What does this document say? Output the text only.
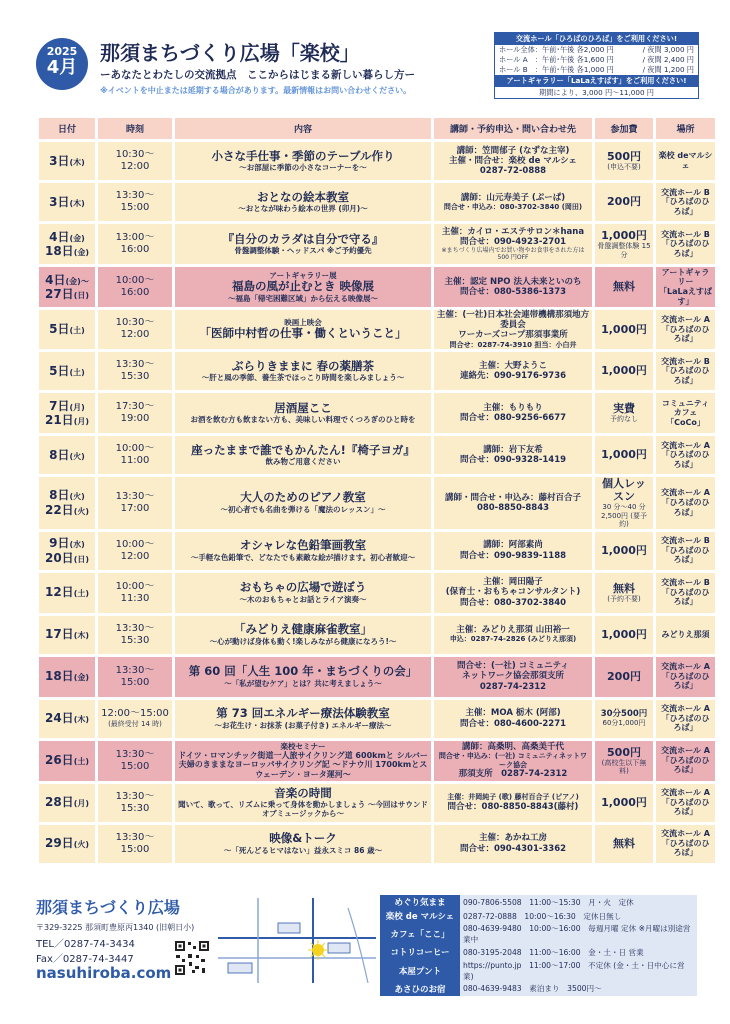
2025
4月
那須まちづくり広場「楽校」
ーあなたとわたしの交流拠点　ここからはじまる新しい暮らし方ー
※イベントを中止または延期する場合があります。最新情報はお問い合わせください。
交流ホール「ひろばのひろば」をご利用ください!
ホール全体：午前･午後 各2,000 円	/ 夜間 3,000 円
ホール A　：午前･午後 各1,600 円	/ 夜間 2,400 円
ホール B　：午前･午後 各1,000 円	/ 夜間 1,200 円
アートギャラリー「LaLaえすぱす」をご利用ください!
期間により、3,000 円～11,000 円
日付	時刻	内容	講師・予約申込・問い合わせ先	参加費	場所

3日(木)	10:30～
12:00	小さな手仕事・季節のテーブル作り
～お部屋に季節の小さなコーナーを～	講師：笠間郁子 (なずな主宰)
主催・問合せ：楽校 de マルシェ
0287-72-0888	500円
(申込不要)	楽校 deマルシェ

3日(木)	13:30～
15:00	おとなの絵本教室
～おとなが味わう絵本の世界 (卯月)～	講師：山元寿美子 (ぷーぱ)
問合せ・申込み：080-3702-3840 (岡田)	200円	交流ホール B
「ひろばのひろば」

4日(金)
18日(金)	13:00～
16:00	『自分のカラダは自分で守る』
骨盤調整体験・ヘッドスパ ※ご予約優先	主催：カイロ・エステサロン＊hana
問合せ：090-4923-2701
※まちづくり広場内でお買い物やお食事をされた方は 500 円OFF	1,000円
骨盤調整体験 15分	交流ホール B
「ひろばのひろば」

4日(金)～
27日(日)	10:00～
16:00	アートギャラリー展
福島の風が止むとき 映像展
～福島「帰宅困難区域」から伝える映像展～	主催：認定 NPO 法人未来といのち
問合せ：080-5386-1373	無料	アートギャラリー
「LaLaえすぱす」

5日(土)	10:30～
12:00	映画上映会
「医師中村哲の仕事・働くということ」	主催：(一社)日本社会連帯機構那須地方委員会
ワーカーズコープ那須事業所
問合せ：0287-74-3910 担当：小白井	1,000円	交流ホール A
「ひろばのひろば」

5日(土)	13:30～
15:30	ぶらりきままに 春の薬膳茶
～肝と風の季節、養生茶でほっこり時間を楽しみましょう～	主催：大野ようこ
連絡先：090-9176-9736	1,000円	交流ホール B
「ひろばのひろば」

7日(月)
21日(月)	17:30～
19:00	居酒屋ここ
お酒を飲む方も飲まない方も、美味しい料理でくつろぎのひと時を	主催：もりもり
問合せ：080-9256-6677	実費
予約なし	コミュニティカフェ
「CoCo」

8日(火)	10:00～
11:00	座ったままで誰でもかんたん!『椅子ヨガ』
飲み物ご用意ください	講師：岩下友希
問合せ：090-9328-1419	1,000円	交流ホール A
「ひろばのひろば」

8日(火)
22日(火)	13:30～
17:00	大人のためのピアノ教室
～初心者でも名曲を弾ける「魔法のレッスン」～	講師・問合せ・申込み：藤村百合子
080-8850-8843	個人レッスン
30 分～40 分 2,500円 (要予約)	交流ホール A
「ひろばのひろば」

9日(水)
20日(日)	10:00～
12:00	オシャレな色鉛筆画教室
～手軽な色鉛筆で、どなたでも素敵な絵が描けます。初心者歓迎～	講師：阿部素尚
問合せ：090-9839-1188	1,000円	交流ホール B
「ひろばのひろば」

12日(土)	10:00～
11:30	おもちゃの広場で遊ぼう
～木のおもちゃとお話とライア演奏～	主催：岡田陽子
(保育士・おもちゃコンサルタント)
問合せ：080-3702-3840	無料
(予約不要)	交流ホール B
「ひろばのひろば」

17日(木)	13:30～
15:30	「みどりえ健康麻雀教室」
～心が動けば身体も動く!楽しみながら健康になろう!～	主催：みどりえ那須 山田裕一
申込：0287-74-2826 (みどりえ那須)	1,000円	みどりえ那須

18日(金)	13:30～
15:00	第 60 回「人生 100 年・まちづくりの会」
～「私が望むケア」とは？共に考えましょう～	問合せ：(一社) コミュニティ
ネットワーク協会那須支所
0287-74-2312	200円	交流ホール A
「ひろばのひろば」

24日(木)	12:00～15:00
(最終受付 14 時)	第 73 回エネルギー療法体験教室
～お花生け・お抹茶 (お菓子付き) エネルギー療法～	主催：MOA 栃木 (阿部)
問合せ：080-4600-2271	30分500円
60分1,000円	交流ホール A
「ひろばのひろば」

26日(土)	13:30～
15:00	楽校セミナー
ドイツ・ロマンチック街道一人旅サイクリング道 600kmと シルバー夫婦のきままなヨーロッパサイクリング記 ～ドナウ川 1700kmとスウェーデン・ヨータ運河～	講師：高桑明、高桑美千代
問合せ・申込み：(一社) コミュニティネットワーク協会
那須支所　0287-74-2312	500円
(高校生以下無料)	交流ホール A
「ひろばのひろば」

28日(月)	13:30～
15:30	音楽の時間
聞いて、歌って、リズムに乗って身体を動かしましょう ～今回はサウンドオブミュージックから～	主催：井岡純子 (歌) 藤村百合子 (ピアノ)
問合せ：080-8850-8843(藤村)	1,000円	交流ホール A
「ひろばのひろば」

29日(火)	13:30～
15:00	映像&トーク
～「死んどるヒマはない」益永スミコ 86 歳～	主催：あかね工房
問合せ：090-4301-3362	無料	交流ホール A
「ひろばのひろば」
那須まちづくり広場
〒329-3225 那須町豊原丙1340 (旧朝日小)
TEL／0287-74-3434
Fax／0287-74-3447
nasuhiroba.com
めぐり気まま	090-7806-5508　11:00～15:30　月・火　定休
楽校 de マルシェ	0287-72-0888　10:00～16:30　定休日無し
カフェ「ここ」	080-4639-9480　10:00～16:00　毎週月曜 定休 ※月曜は別途営業中
コトリコーヒー	080-3195-2048　11:00～16:00　金・土・日 営業
本屋プント	https://punto.jp　11:00～17:00　不定休 (金・土・日中心に営業)
あさひのお宿	080-4639-9483　素泊まり　3500円～
